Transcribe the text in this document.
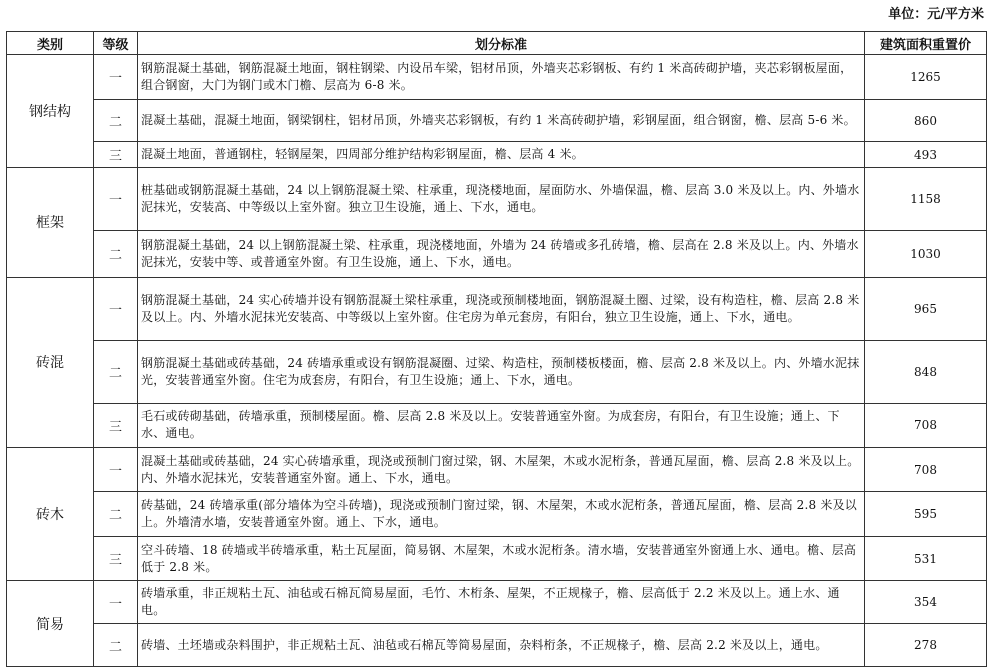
单位：元/平方米
类别	等级	划分标准	建筑面积重置价
钢结构	一	钢筋混凝土基础，钢筋混凝土地面，钢柱钢梁、内设吊车梁，铝材吊顶，外墙夹芯彩钢板、有约 1 米高砖砌护墙，夹芯彩钢板屋面，组合钢窗，大门为钢门或木门檐、层高为 6-8 米。	1265
	二	混凝土基础，混凝土地面，钢梁钢柱，铝材吊顶，外墙夹芯彩钢板，有约 1 米高砖砌护墙，彩钢屋面，组合钢窗，檐、层高 5-6 米。	860
	三	混凝土地面，普通钢柱，轻钢屋架，四周部分维护结构彩钢屋面，檐、层高 4 米。	493
框架	一	桩基础或钢筋混凝土基础，24 以上钢筋混凝土梁、柱承重，现浇楼地面，屋面防水、外墙保温，檐、层高 3.0 米及以上。内、外墙水泥抹光，安装高、中等级以上室外窗。独立卫生设施，通上、下水，通电。	1158
	二	钢筋混凝土基础，24 以上钢筋混凝土梁、柱承重，现浇楼地面，外墙为 24 砖墙或多孔砖墙，檐、层高在 2.8 米及以上。内、外墙水泥抹光，安装中等、或普通室外窗。有卫生设施，通上、下水，通电。	1030
砖混	一	钢筋混凝土基础，24 实心砖墙并设有钢筋混凝土梁柱承重，现浇或预制楼地面，钢筋混凝土圈、过梁，设有构造柱，檐、层高 2.8 米及以上。内、外墙水泥抹光安装高、中等级以上室外窗。住宅房为单元套房，有阳台，独立卫生设施，通上、下水，通电。	965
	二	钢筋混凝土基础或砖基础，24 砖墙承重或设有钢筋混凝圈、过梁、构造柱，预制楼板楼面，檐、层高 2.8 米及以上。内、外墙水泥抹光，安装普通室外窗。住宅为成套房，有阳台，有卫生设施；通上、下水，通电。	848
	三	毛石或砖砌基础，砖墙承重，预制楼屋面。檐、层高 2.8 米及以上。安装普通室外窗。为成套房，有阳台，有卫生设施；通上、下水、通电。	708
砖木	一	混凝土基础或砖基础，24 实心砖墙承重，现浇或预制门窗过梁，钢、木屋架，木或水泥桁条，普通瓦屋面，檐、层高 2.8 米及以上。内、外墙水泥抹光，安装普通室外窗。通上、下水，通电。	708
	二	砖基础，24 砖墙承重(部分墙体为空斗砖墙)，现浇或预制门窗过梁，钢、木屋架，木或水泥桁条，普通瓦屋面，檐、层高 2.8 米及以上。外墙清水墙，安装普通室外窗。通上、下水，通电。	595
	三	空斗砖墙、18 砖墙或半砖墙承重，粘土瓦屋面，简易钢、木屋架，木或水泥桁条。清水墙，安装普通室外窗通上水、通电。檐、层高低于 2.8 米。	531
简易	一	砖墙承重，非正规粘土瓦、油毡或石棉瓦简易屋面，毛竹、木桁条、屋架，不正规椽子，檐、层高低于 2.2 米及以上。通上水、通电。	354
	二	砖墙、土坯墙或杂料围护，非正规粘土瓦、油毡或石棉瓦等简易屋面，杂料桁条，不正规椽子，檐、层高 2.2 米及以上，通电。	278
